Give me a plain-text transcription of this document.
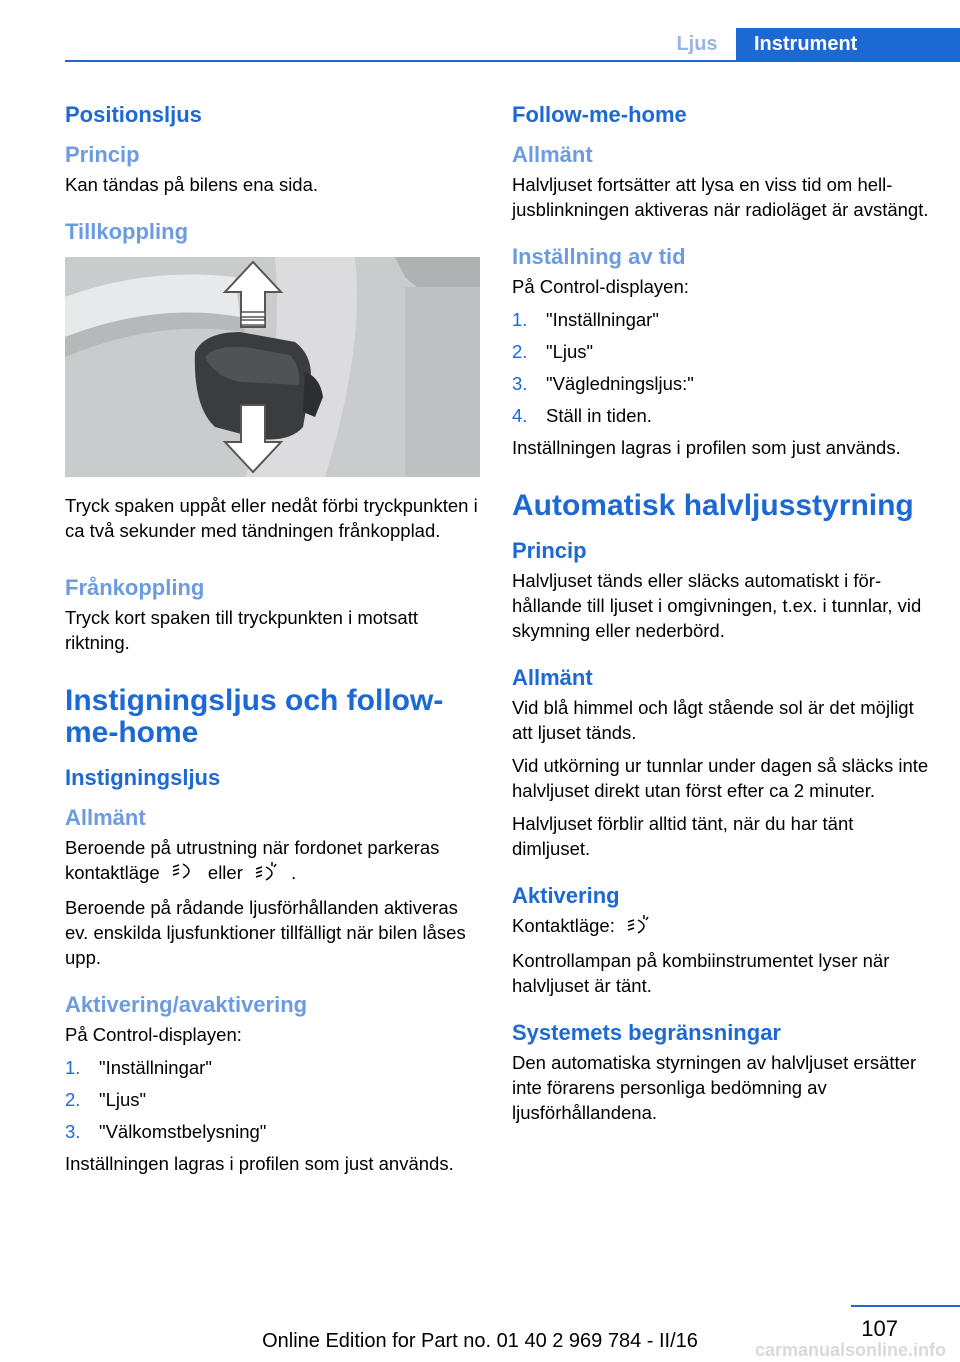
Ljus	Instrument
Positionsljus
Princip
Kan tändas på bilens ena sida.
Tillkoppling
Tryck spaken uppåt eller nedåt förbi tryckpunkten i ca två sekunder med tändningen frånkopplad.
Frånkoppling
Tryck kort spaken till tryckpunkten i motsatt riktning.
Instigningsljus och follow-me-home
Instigningsljus
Allmänt
Beroende på utrustning när fordonet parkeras kontaktläge	eller	.
Beroende på rådande ljusförhållanden aktiveras ev. enskilda ljusfunktioner tillfälligt när bilen låses upp.
Aktivering/avaktivering
På Control-displayen:
1.	"Inställningar"
2.	"Ljus"
3.	"Välkomstbelysning"
Inställningen lagras i profilen som just används.
Follow-me-home
Allmänt
Halvljuset fortsätter att lysa en viss tid om helljusblinkningen aktiveras när radioläget är avstängt.
Inställning av tid
På Control-displayen:
1.	"Inställningar"
2.	"Ljus"
3.	"Vägledningsljus:"
4.	Ställ in tiden.
Inställningen lagras i profilen som just används.
Automatisk halvljusstyrning
Princip
Halvljuset tänds eller släcks automatiskt i förhållande till ljuset i omgivningen, t.ex. i tunnlar, vid skymning eller nederbörd.
Allmänt
Vid blå himmel och lågt stående sol är det möjligt att ljuset tänds.
Vid utkörning ur tunnlar under dagen så släcks inte halvljuset direkt utan först efter ca 2 minuter.
Halvljuset förblir alltid tänt, när du har tänt dimljuset.
Aktivering
Kontaktläge:
Kontrollampan på kombiinstrumentet lyser när halvljuset är tänt.
Systemets begränsningar
Den automatiska styrningen av halvljuset ersätter inte förarens personliga bedömning av ljusförhållandena.
107
Online Edition for Part no. 01 40 2 969 784 - II/16	carmanualsonline.info
